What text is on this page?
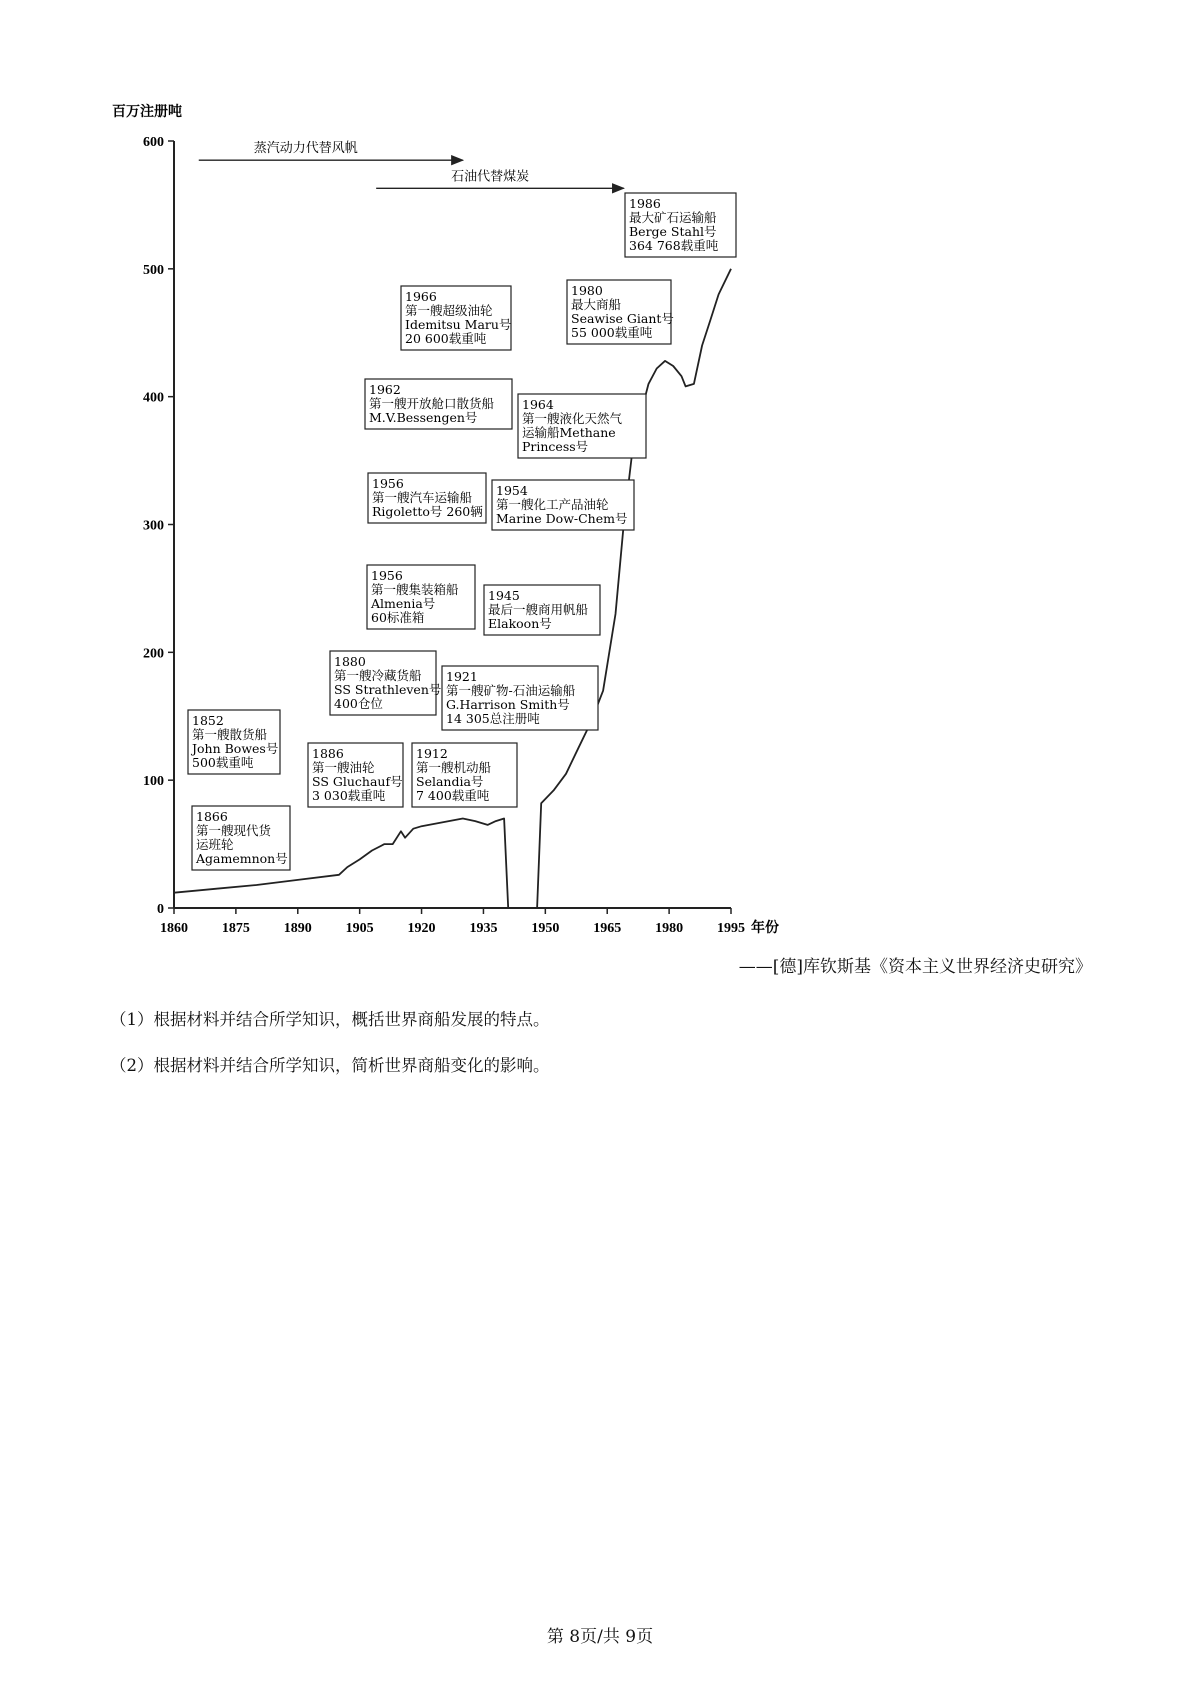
百万注册吨
0
100
200
300
400
500
600
1860 1875 1890 1905 1920 1935 1950 1965 1980 1995 年份
蒸汽动力代替风帆
石油代替煤炭
1852
第一艘散货船
John Bowes号
500载重吨
1866
第一艘现代货
运班轮
Agamemnon号
1880
第一艘冷藏货船
SS Strathleven号
400仓位
1886
第一艘油轮
SS Gluchauf号
3 030载重吨
1912
第一艘机动船
Selandia号
7 400载重吨
1921
第一艘矿物-石油运输船
G.Harrison Smith号
14 305总注册吨
1956
第一艘集装箱船
Almenia号
60标准箱
1945
最后一艘商用帆船
Elakoon号
1956
第一艘汽车运输船
Rigoletto号 260辆
1954
第一艘化工产品油轮
Marine Dow-Chem号
1962
第一艘开放舱口散货船
M.V.Bessengen号
1964
第一艘液化天然气
运输船Methane
Princess号
1966
第一艘超级油轮
Idemitsu Maru号
20 600载重吨
1980
最大商船
Seawise Giant号
55 000载重吨
1986
最大矿石运输船
Berge Stahl号
364 768载重吨
——[德]库钦斯基《资本主义世界经济史研究》
（1）根据材料并结合所学知识，概括世界商船发展的特点。
（2）根据材料并结合所学知识，简析世界商船变化的影响。
第 8页/共 9页
